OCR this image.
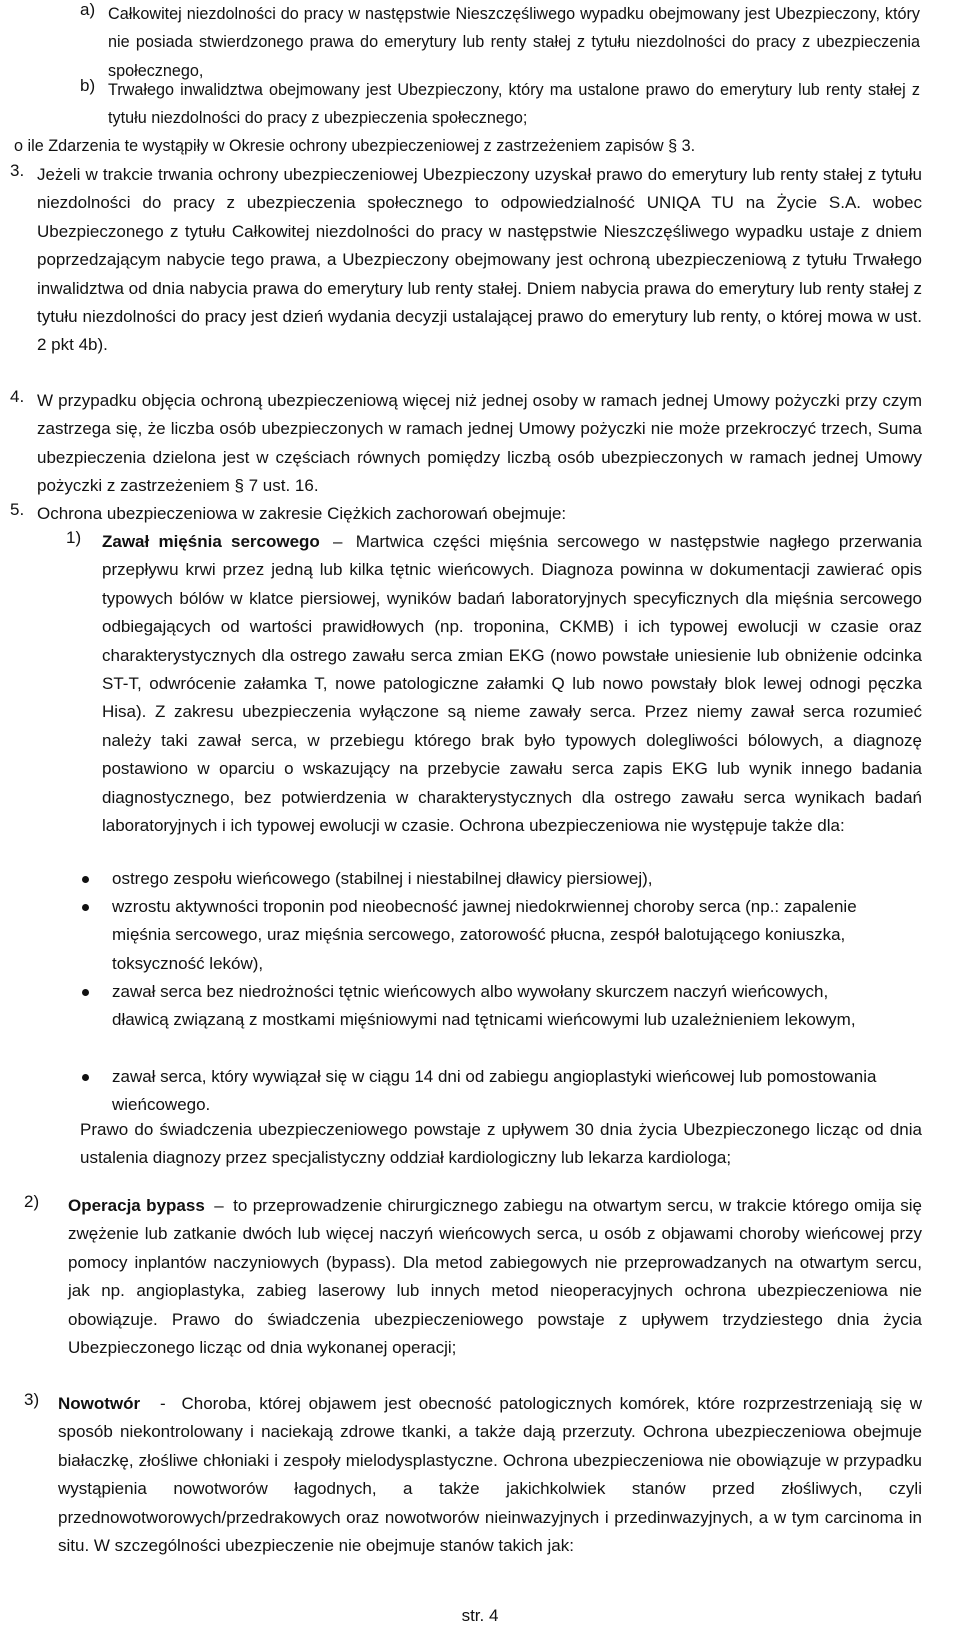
a) Całkowitej niezdolności do pracy w następstwie Nieszczęśliwego wypadku obejmowany jest Ubezpieczony, który nie posiada stwierdzonego prawa do emerytury lub renty stałej z tytułu niezdolności do pracy z ubezpieczenia społecznego,

b) Trwałego inwalidztwa obejmowany jest Ubezpieczony, który ma ustalone prawo do emerytury lub renty stałej z tytułu niezdolności do pracy z ubezpieczenia społecznego;

o ile Zdarzenia te wystąpiły w Okresie ochrony ubezpieczeniowej z zastrzeżeniem zapisów § 3.

3. Jeżeli w trakcie trwania ochrony ubezpieczeniowej Ubezpieczony uzyskał prawo do emerytury lub renty stałej z tytułu niezdolności do pracy z ubezpieczenia społecznego to odpowiedzialność UNIQA TU na Życie S.A. wobec Ubezpieczonego z tytułu Całkowitej niezdolności do pracy w następstwie Nieszczęśliwego wypadku ustaje z dniem poprzedzającym nabycie tego prawa, a Ubezpieczony obejmowany jest ochroną ubezpieczeniową z tytułu Trwałego inwalidztwa od dnia nabycia prawa do emerytury lub renty stałej. Dniem nabycia prawa do emerytury lub renty stałej z tytułu niezdolności do pracy jest dzień wydania decyzji ustalającej prawo do emerytury lub renty, o której mowa w ust. 2 pkt 4b).

4. W przypadku objęcia ochroną ubezpieczeniową więcej niż jednej osoby w ramach jednej Umowy pożyczki przy czym zastrzega się, że liczba osób ubezpieczonych w ramach jednej Umowy pożyczki nie może przekroczyć trzech, Suma ubezpieczenia dzielona jest w częściach równych pomiędzy liczbą osób ubezpieczonych w ramach jednej Umowy pożyczki z zastrzeżeniem § 7 ust. 16.

5. Ochrona ubezpieczeniowa w zakresie Ciężkich zachorowań obejmuje:

1)	Zawał mięśnia sercowego – Martwica części mięśnia sercowego w następstwie nagłego przerwania przepływu krwi przez jedną lub kilka tętnic wieńcowych. Diagnoza powinna w dokumentacji zawierać opis typowych bólów w klatce piersiowej, wyników badań laboratoryjnych specyficznych dla mięśnia sercowego odbiegających od wartości prawidłowych (np. troponina, CKMB) i ich typowej ewolucji w czasie oraz charakterystycznych dla ostrego zawału serca zmian EKG (nowo powstałe uniesienie lub obniżenie odcinka ST-T, odwrócenie załamka T, nowe patologiczne załamki Q lub nowo powstały blok lewej odnogi pęczka Hisa). Z zakresu ubezpieczenia wyłączone są nieme zawały serca. Przez niemy zawał serca rozumieć należy taki zawał serca, w przebiegu którego brak było typowych dolegliwości bólowych, a diagnozę postawiono w oparciu o wskazujący na przebycie zawału serca zapis EKG lub wynik innego badania diagnostycznego, bez potwierdzenia w charakterystycznych dla ostrego zawału serca wynikach badań laboratoryjnych i ich typowej ewolucji w czasie. Ochrona ubezpieczeniowa nie występuje także dla:

ostrego zespołu wieńcowego (stabilnej i niestabilnej dławicy piersiowej),

wzrostu aktywności troponin pod nieobecność jawnej niedokrwiennej choroby serca (np.: zapalenie mięśnia sercowego, uraz mięśnia sercowego, zatorowość płucna, zespół balotującego koniuszka, toksyczność leków),

zawał serca bez niedrożności tętnic wieńcowych albo wywołany skurczem naczyń wieńcowych, dławicą związaną z mostkami mięśniowymi nad tętnicami wieńcowymi lub uzależnieniem lekowym,

zawał serca, który wywiązał się w ciągu 14 dni od zabiegu angioplastyki wieńcowej lub pomostowania wieńcowego.

Prawo do świadczenia ubezpieczeniowego powstaje z upływem 30 dnia życia Ubezpieczonego licząc od dnia ustalenia diagnozy przez specjalistyczny oddział kardiologiczny lub lekarza kardiologa;

2)	Operacja bypass – to przeprowadzenie chirurgicznego zabiegu na otwartym sercu, w trakcie którego omija się zwężenie lub zatkanie dwóch lub więcej naczyń wieńcowych serca, u osób z objawami choroby wieńcowej przy pomocy inplantów naczyniowych (bypass). Dla metod zabiegowych nie przeprowadzanych na otwartym sercu, jak np. angioplastyka, zabieg laserowy lub innych metod nieoperacyjnych ochrona ubezpieczeniowa nie obowiązuje. Prawo do świadczenia ubezpieczeniowego powstaje z upływem trzydziestego dnia życia Ubezpieczonego licząc od dnia wykonanej operacji;

3)	Nowotwór - Choroba, której objawem jest obecność patologicznych komórek, które rozprzestrzeniają się w sposób niekontrolowany i naciekają zdrowe tkanki, a także dają przerzuty. Ochrona ubezpieczeniowa obejmuje białaczkę, złośliwe chłoniaki i zespoły mielodysplastyczne. Ochrona ubezpieczeniowa nie obowiązuje w przypadku wystąpienia nowotworów łagodnych, a także jakichkolwiek stanów przed złośliwych, czyli przednowotworowych/przedrakowych oraz nowotworów nieinwazyjnych i przedinwazyjnych, a w tym carcinoma in situ. W szczególności ubezpieczenie nie obejmuje stanów takich jak:

str. 4
